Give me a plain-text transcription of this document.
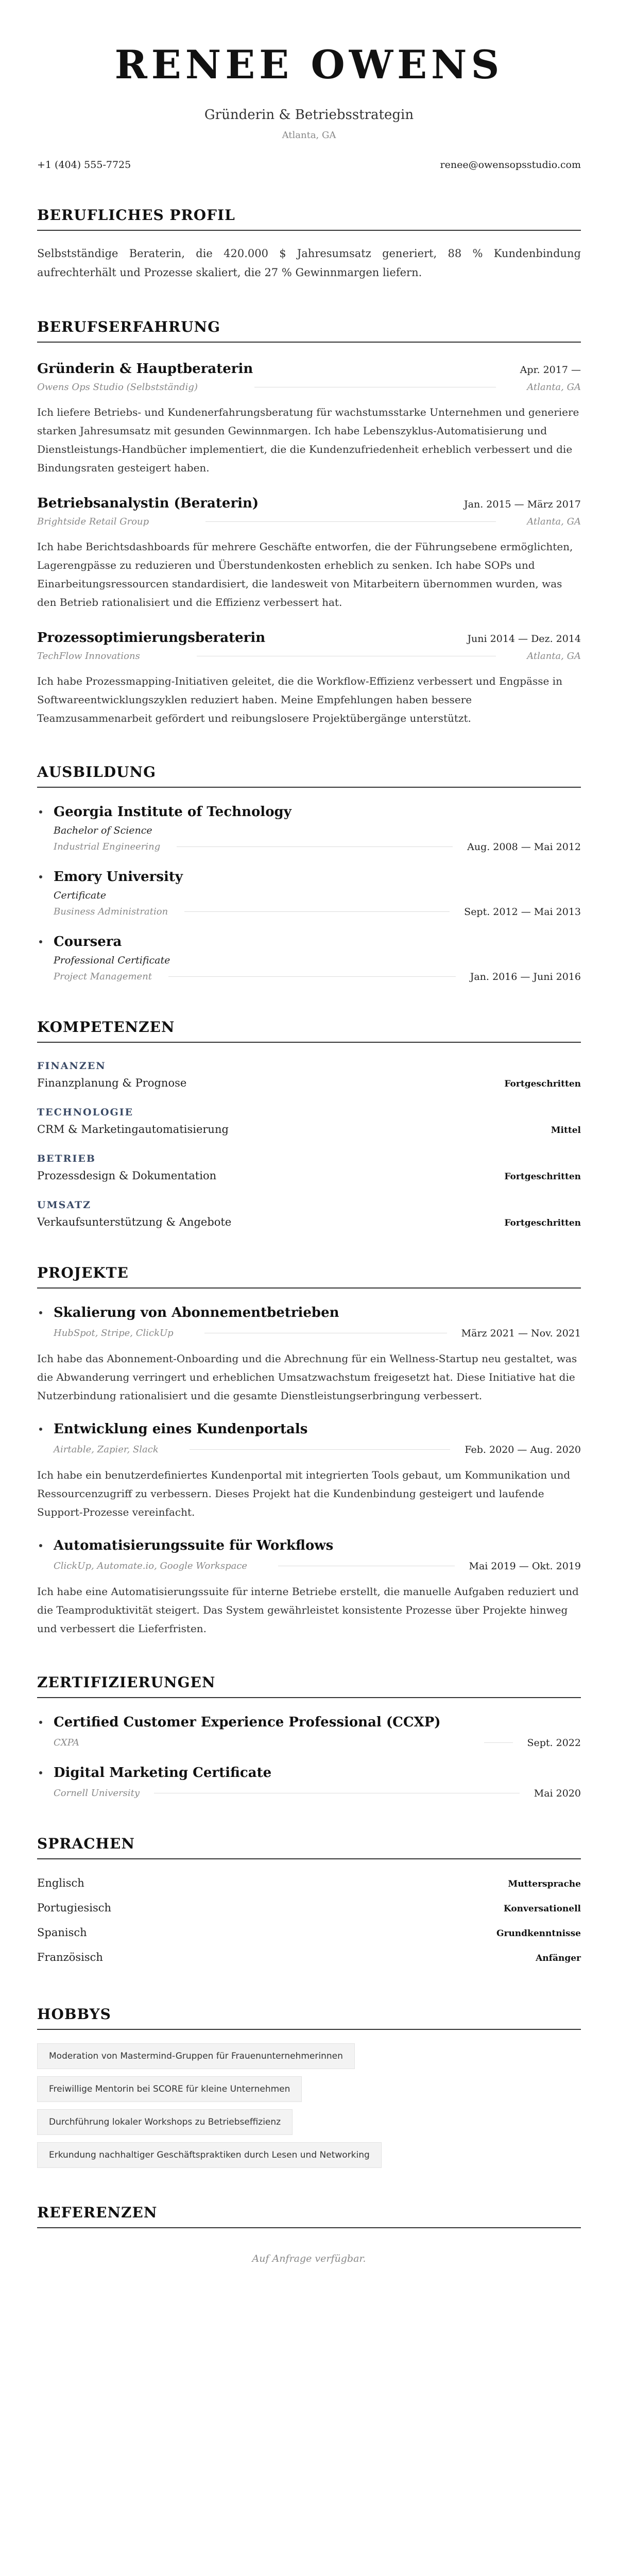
RENEE OWENS
Gründerin & Betriebsstrategin
Atlanta, GA
+1 (404) 555-7725	renee@owensopsstudio.com
BERUFLICHES PROFIL

Selbstständige Beraterin, die 420.000 $ Jahresumsatz generiert, 88 % Kundenbindung aufrechterhält und Prozesse skaliert, die 27 % Gewinnmargen liefern.

BERUFSERFAHRUNG
Gründerin & Hauptberaterin	Apr. 2017 —
Owens Ops Studio (Selbstständig)	Atlanta, GA

Ich liefere Betriebs- und Kundenerfahrungsberatung für wachstumsstarke Unternehmen und generiere starken Jahresumsatz mit gesunden Gewinnmargen. Ich habe Lebenszyklus-Automatisierung und Dienstleistungs-Handbücher implementiert, die die Kundenzufriedenheit erheblich verbessert und die Bindungsraten gesteigert haben.

Betriebsanalystin (Beraterin)	Jan. 2015 — März 2017
Brightside Retail Group	Atlanta, GA

Ich habe Berichtsdashboards für mehrere Geschäfte entworfen, die der Führungsebene ermöglichten, Lagerengpässe zu reduzieren und Überstundenkosten erheblich zu senken. Ich habe SOPs und Einarbeitungsressourcen standardisiert, die landesweit von Mitarbeitern übernommen wurden, was den Betrieb rationalisiert und die Effizienz verbessert hat.

Prozessoptimierungsberaterin	Juni 2014 — Dez. 2014
TechFlow Innovations	Atlanta, GA

Ich habe Prozessmapping-Initiativen geleitet, die die Workflow-Effizienz verbessert und Engpässe in Softwareentwicklungszyklen reduziert haben. Meine Empfehlungen haben bessere Teamzusammenarbeit gefördert und reibungslosere Projektübergänge unterstützt.

AUSBILDUNG
Georgia Institute of Technology
Bachelor of Science
Industrial Engineering	Aug. 2008 — Mai 2012
Emory University
Certificate
Business Administration	Sept. 2012 — Mai 2013
Coursera
Professional Certificate
Project Management	Jan. 2016 — Juni 2016
KOMPETENZEN
FINANZEN
Finanzplanung & Prognose	Fortgeschritten
TECHNOLOGIE
CRM & Marketingautomatisierung	Mittel
BETRIEB
Prozessdesign & Dokumentation	Fortgeschritten
UMSATZ
Verkaufsunterstützung & Angebote	Fortgeschritten
PROJEKTE
Skalierung von Abonnementbetrieben
HubSpot, Stripe, ClickUp	März 2021 — Nov. 2021

Ich habe das Abonnement-Onboarding und die Abrechnung für ein Wellness-Startup neu gestaltet, was die Abwanderung verringert und erheblichen Umsatzwachstum freigesetzt hat. Diese Initiative hat die Nutzerbindung rationalisiert und die gesamte Dienstleistungserbringung verbessert.

Entwicklung eines Kundenportals
Airtable, Zapier, Slack	Feb. 2020 — Aug. 2020

Ich habe ein benutzerdefiniertes Kundenportal mit integrierten Tools gebaut, um Kommunikation und Ressourcenzugriff zu verbessern. Dieses Projekt hat die Kundenbindung gesteigert und laufende Support-Prozesse vereinfacht.

Automatisierungssuite für Workflows
ClickUp, Automate.io, Google Workspace	Mai 2019 — Okt. 2019

Ich habe eine Automatisierungssuite für interne Betriebe erstellt, die manuelle Aufgaben reduziert und die Teamproduktivität steigert. Das System gewährleistet konsistente Prozesse über Projekte hinweg und verbessert die Lieferfristen.

ZERTIFIZIERUNGEN
Certified Customer Experience Professional (CCXP)
CXPA	Sept. 2022
Digital Marketing Certificate
Cornell University	Mai 2020
SPRACHEN
Englisch	Muttersprache
Portugiesisch	Konversationell
Spanisch	Grundkenntnisse
Französisch	Anfänger
HOBBYS
Moderation von Mastermind-Gruppen für Frauenunternehmerinnen
Freiwillige Mentorin bei SCORE für kleine Unternehmen
Durchführung lokaler Workshops zu Betriebseffizienz
Erkundung nachhaltiger Geschäftspraktiken durch Lesen und Networking
REFERENZEN
Auf Anfrage verfügbar.
